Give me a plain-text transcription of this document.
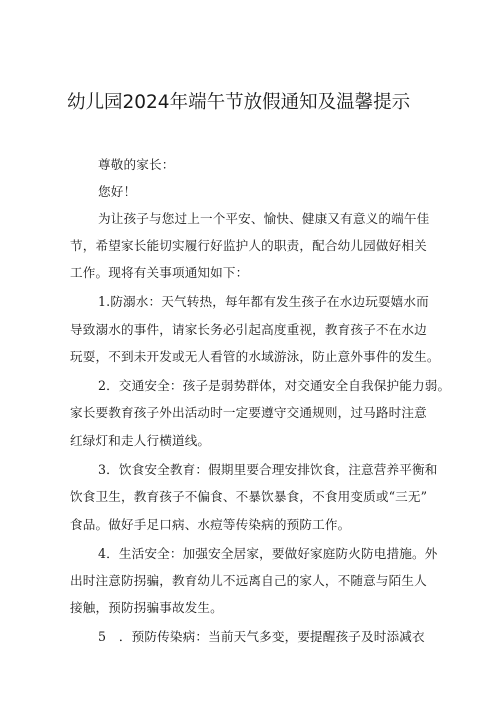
幼儿园2024年端午节放假通知及温馨提示
尊敬的家长：
您好！
为让孩子与您过上一个平安、愉快、健康又有意义的端午佳
节，希望家长能切实履行好监护人的职责，配合幼儿园做好相关
工作。现将有关事项通知如下：
1.防溺水：天气转热，每年都有发生孩子在水边玩耍嬉水而
导致溺水的事件，请家长务必引起高度重视，教育孩子不在水边
玩耍，不到未开发或无人看管的水域游泳，防止意外事件的发生。
2．交通安全：孩子是弱势群体，对交通安全自我保护能力弱。
家长要教育孩子外出活动时一定要遵守交通规则，过马路时注意
红绿灯和走人行横道线。
3．饮食安全教育：假期里要合理安排饮食，注意营养平衡和
饮食卫生，教育孩子不偏食、不暴饮暴食，不食用变质或“三无”
食品。做好手足口病、水痘等传染病的预防工作。
4．生活安全：加强安全居家，要做好家庭防火防电措施。外
出时注意防拐骗，教育幼儿不远离自己的家人，不随意与陌生人
接触，预防拐骗事故发生。
5　．预防传染病：当前天气多变，要提醒孩子及时添减衣
